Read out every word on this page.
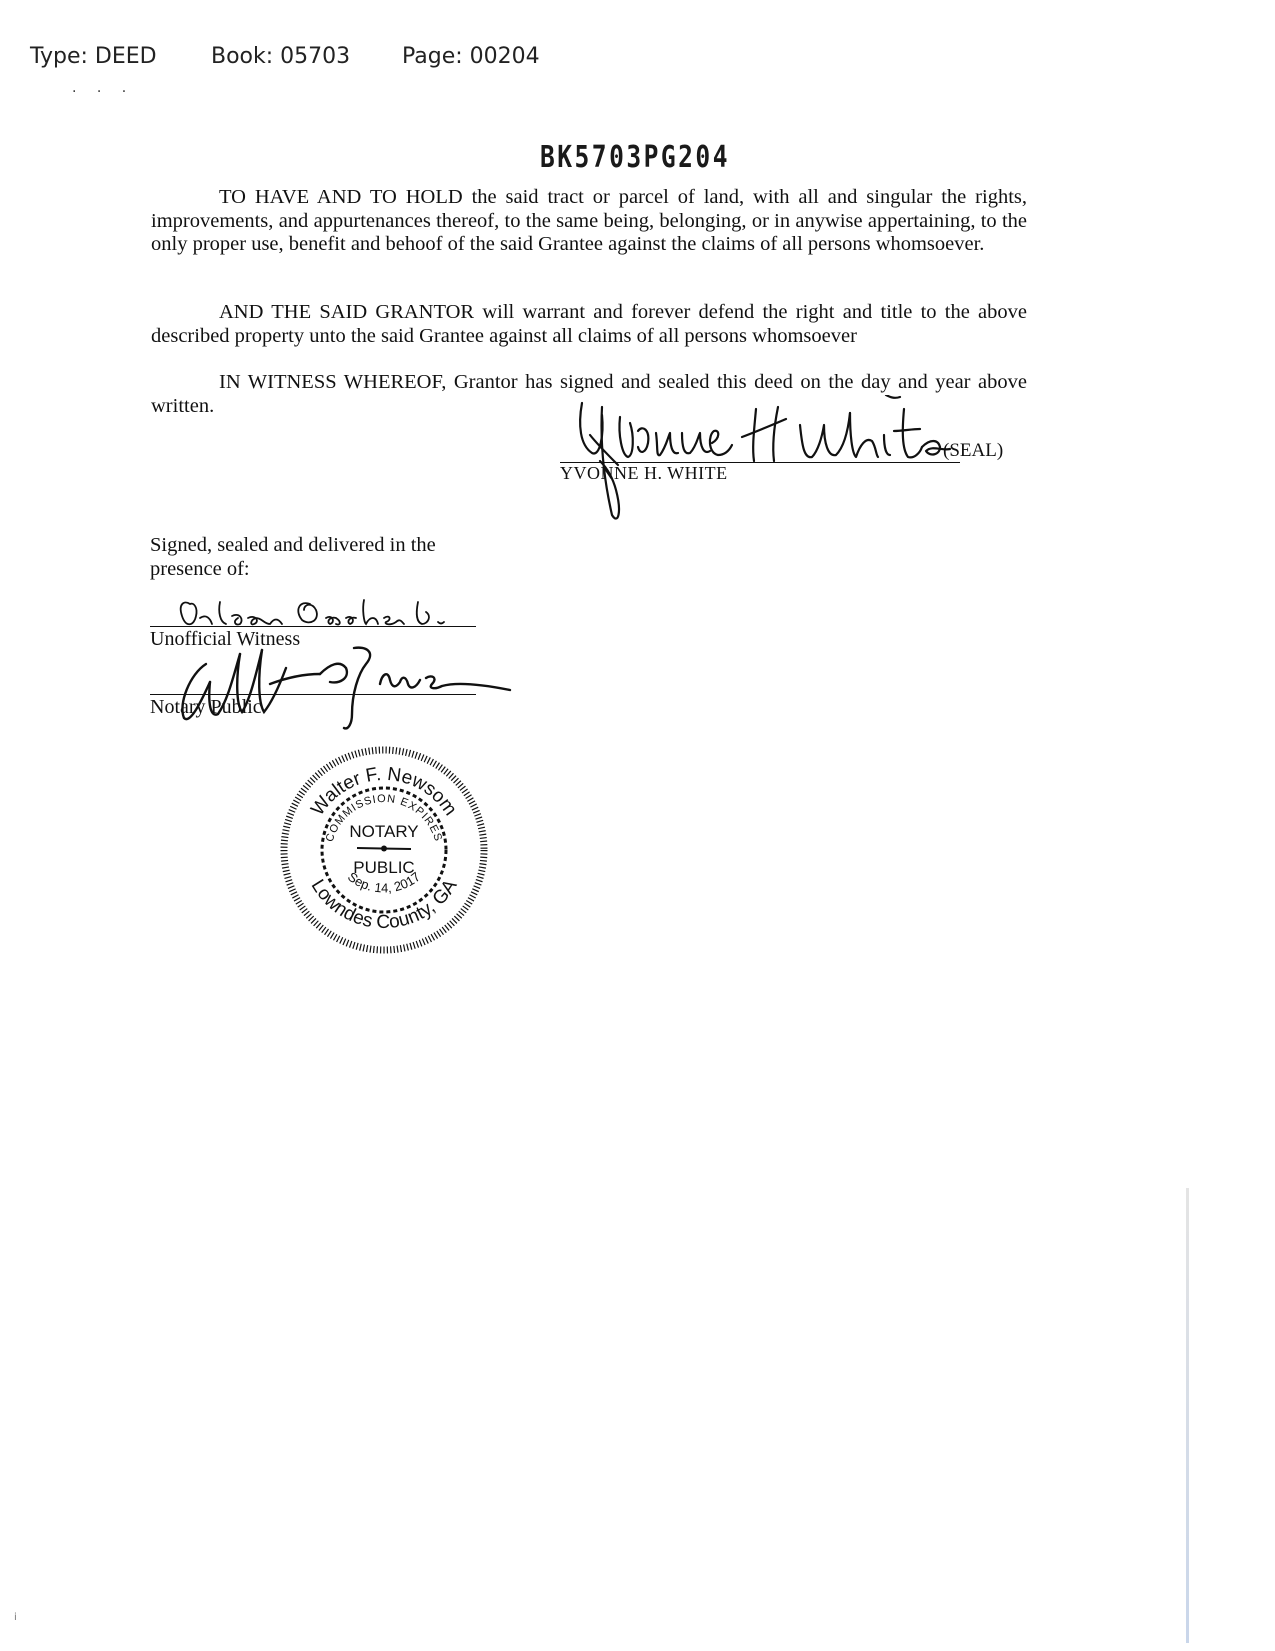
Type: DEED	Book: 05703	Page: 00204
· · ·
BK5703PG204

TO HAVE AND TO HOLD the said tract or parcel of land, with all and singular the rights, improvements, and appurtenances thereof, to the same being, belonging, or in anywise appertaining, to the only proper use, benefit and behoof of the said Grantee against the claims of all persons whomsoever.

AND THE SAID GRANTOR will warrant and forever defend the right and title to the above described property unto the said Grantee against all claims of all persons whomsoever

IN WITNESS WHEREOF, Grantor has signed and sealed this deed on the day and year above written.

YVONNE H. WHITE
(SEAL)
Signed, sealed and delivered in the presence of:
Unofficial Witness
Notary Public
Walter F. Newsom
Lowndes County, GA
COMMISSION EXPIRES
Sep. 14, 2017
NOTARY
PUBLIC
i
